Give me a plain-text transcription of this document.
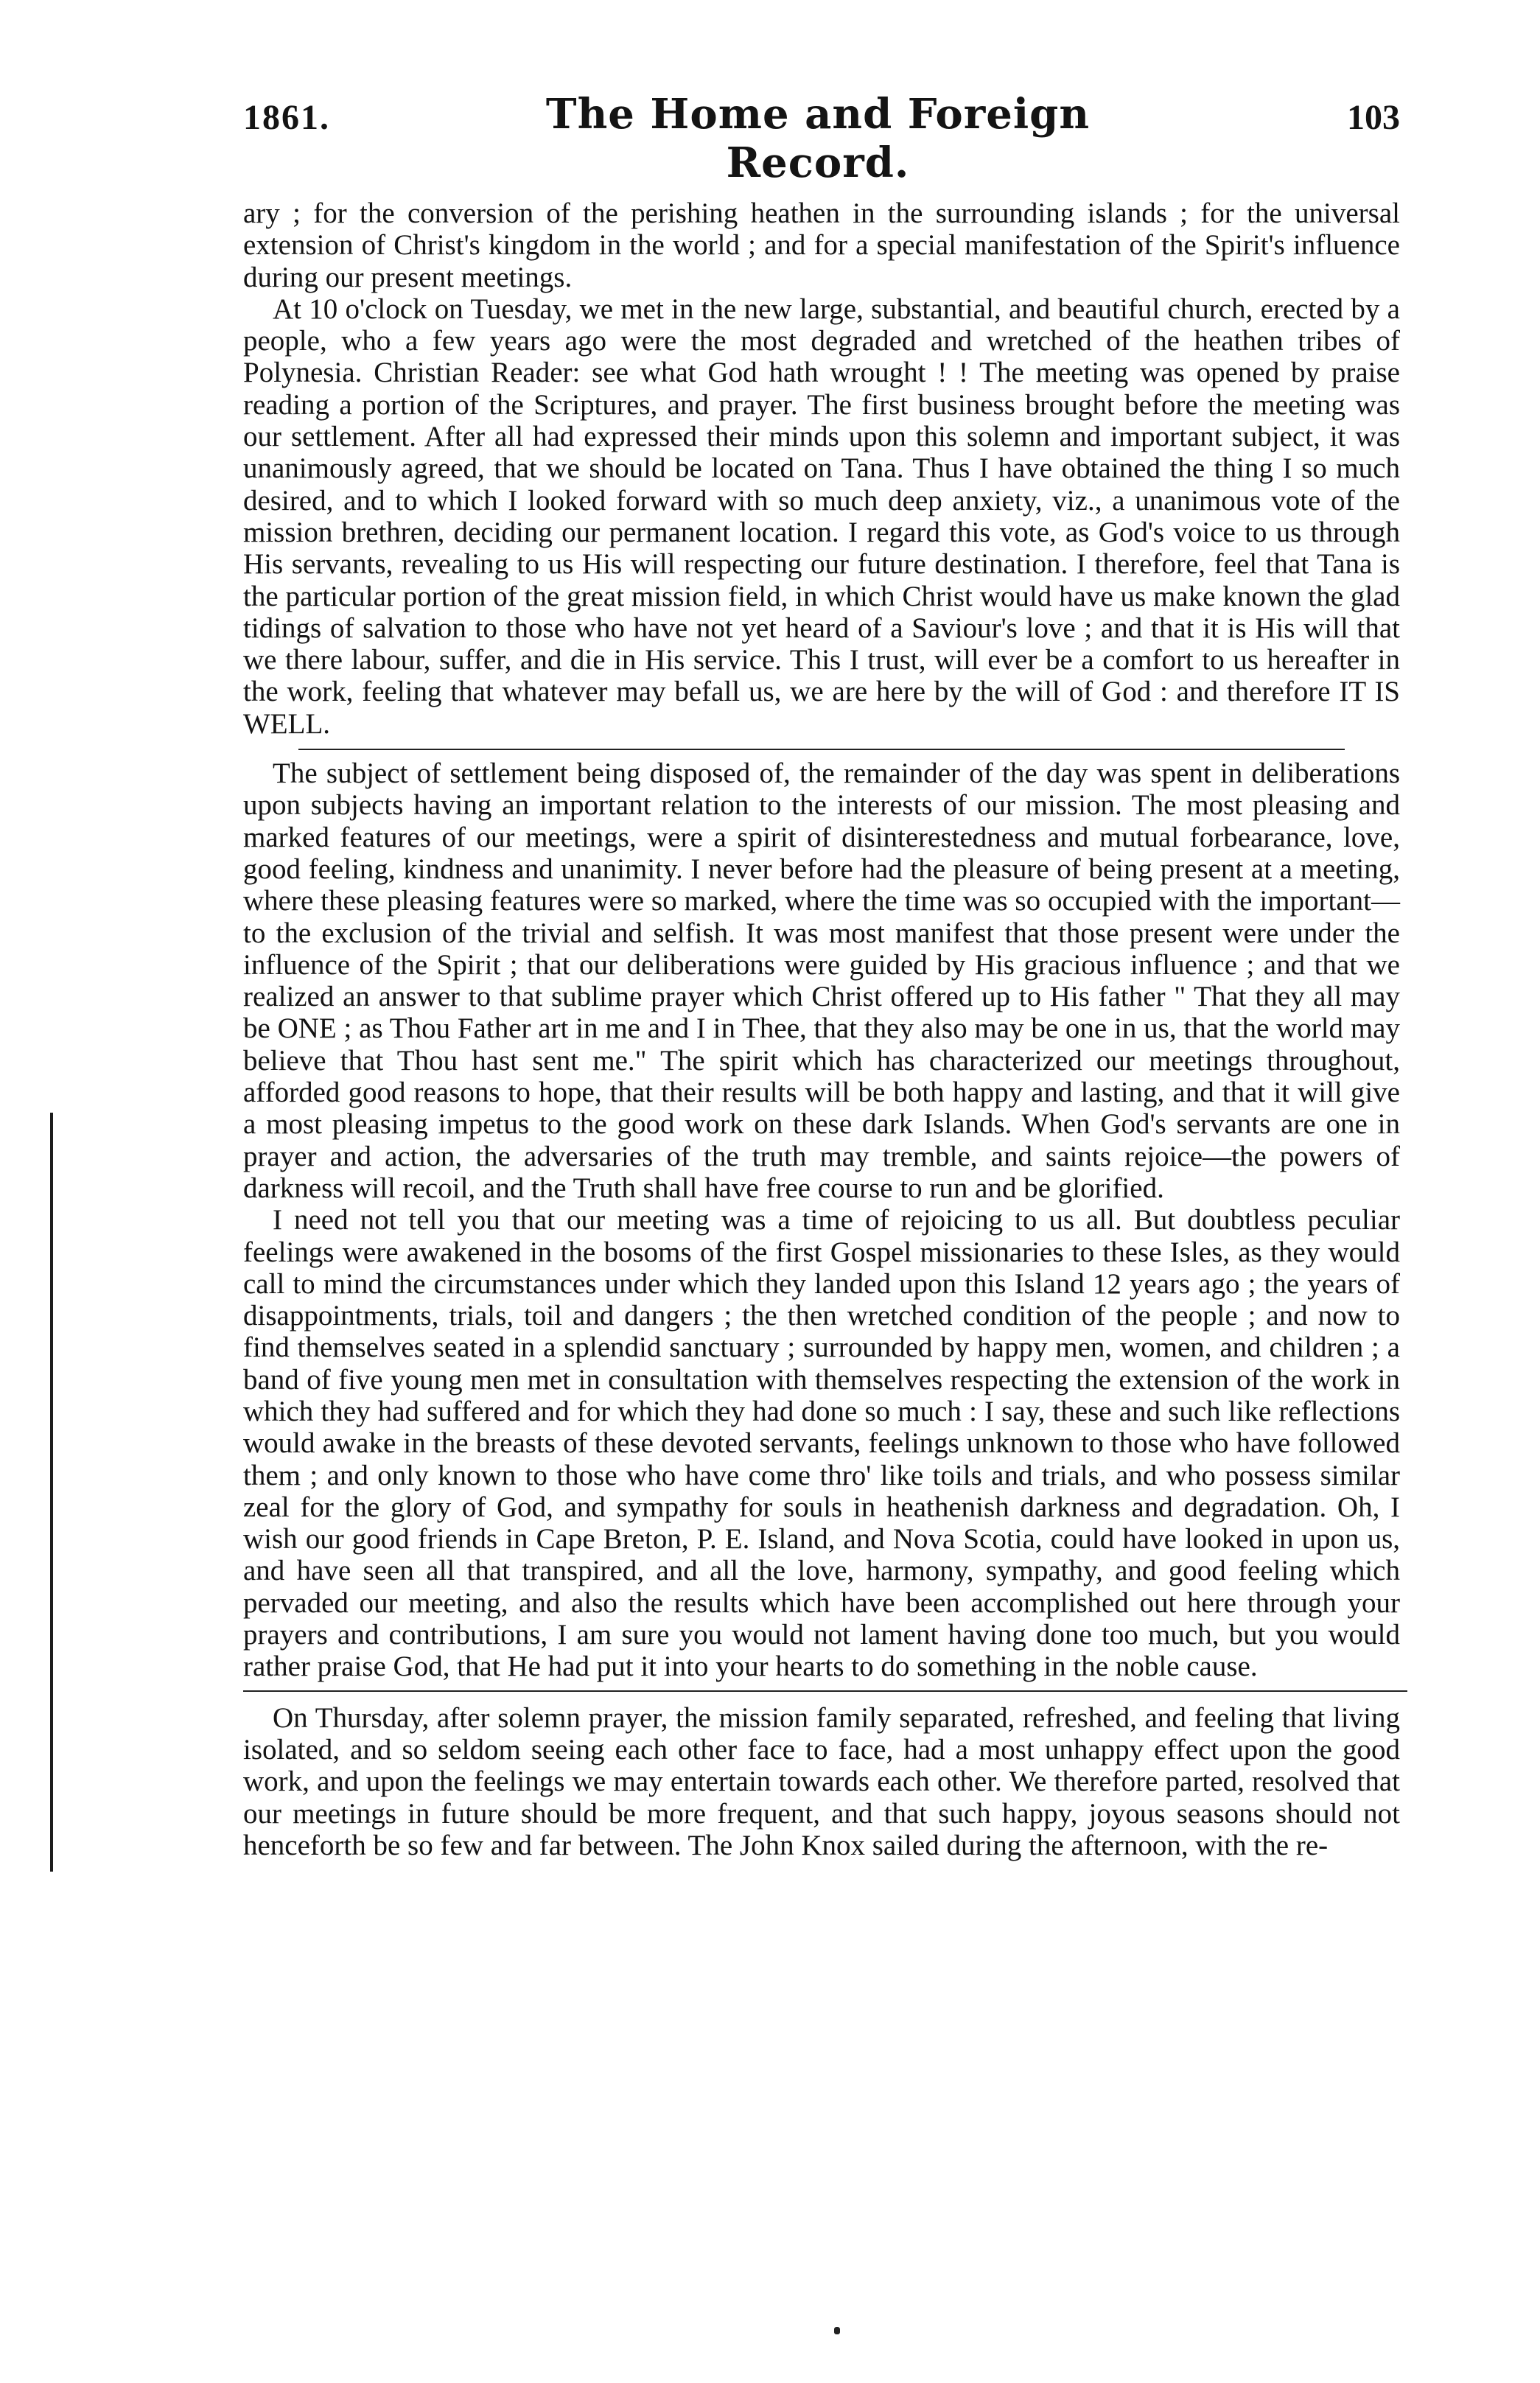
1861.	The Home and Foreign Record.
103

ary ; for the conversion of the perishing heathen in the surrounding islands ; for the universal extension of Christ's kingdom in the world ; and for a special manifestation of the Spirit's influence during our present meetings.

At 10 o'clock on Tuesday, we met in the new large, substantial, and beautiful church, erected by a people, who a few years ago were the most degraded and wretched of the heathen tribes of Polynesia. Christian Reader: see what God hath wrought ! ! The meeting was opened by praise reading a portion of the Scriptures, and prayer. The first business brought before the meeting was our settlement. After all had expressed their minds upon this solemn and important subject, it was unanimously agreed, that we should be located on Tana. Thus I have obtained the thing I so much desired, and to which I looked forward with so much deep anxiety, viz., a unanimous vote of the mission brethren, deciding our permanent location. I regard this vote, as God's voice to us through His servants, revealing to us His will respecting our future destination. I therefore, feel that Tana is the particular portion of the great mission field, in which Christ would have us make known the glad tidings of salvation to those who have not yet heard of a Saviour's love ; and that it is His will that we there labour, suffer, and die in His service. This I trust, will ever be a comfort to us hereafter in the work, feeling that whatever may befall us, we are here by the will of God : and therefore IT IS WELL.

The subject of settlement being disposed of, the remainder of the day was spent in deliberations upon subjects having an important relation to the interests of our mission. The most pleasing and marked features of our meetings, were a spirit of disinterestedness and mutual forbearance, love, good feeling, kindness and unanimity. I never before had the pleasure of being present at a meeting, where these pleasing features were so marked, where the time was so occupied with the important—to the exclusion of the trivial and selfish. It was most manifest that those present were under the influence of the Spirit ; that our deliberations were guided by His gracious influence ; and that we realized an answer to that sublime prayer which Christ offered up to His father " That they all may be ONE ; as Thou Father art in me and I in Thee, that they also may be one in us, that the world may believe that Thou hast sent me." The spirit which has characterized our meetings throughout, afforded good reasons to hope, that their results will be both happy and lasting, and that it will give a most pleasing impetus to the good work on these dark Islands. When God's servants are one in prayer and action, the adversaries of the truth may tremble, and saints rejoice—the powers of darkness will recoil, and the Truth shall have free course to run and be glorified.

I need not tell you that our meeting was a time of rejoicing to us all. But doubtless peculiar feelings were awakened in the bosoms of the first Gospel missionaries to these Isles, as they would call to mind the circumstances under which they landed upon this Island 12 years ago ; the years of disappointments, trials, toil and dangers ; the then wretched condition of the people ; and now to find themselves seated in a splendid sanctuary ; surrounded by happy men, women, and children ; a band of five young men met in consultation with themselves respecting the extension of the work in which they had suffered and for which they had done so much : I say, these and such like reflections would awake in the breasts of these devoted servants, feelings unknown to those who have followed them ; and only known to those who have come thro' like toils and trials, and who possess similar zeal for the glory of God, and sympathy for souls in heathenish darkness and degradation. Oh, I wish our good friends in Cape Breton, P. E. Island, and Nova Scotia, could have looked in upon us, and have seen all that transpired, and all the love, harmony, sympathy, and good feeling which pervaded our meeting, and also the results which have been accomplished out here through your prayers and contributions, I am sure you would not lament having done too much, but you would rather praise God, that He had put it into your hearts to do something in the noble cause.

On Thursday, after solemn prayer, the mission family separated, refreshed, and feeling that living isolated, and so seldom seeing each other face to face, had a most unhappy effect upon the good work, and upon the feelings we may entertain towards each other. We therefore parted, resolved that our meetings in future should be more frequent, and that such happy, joyous seasons should not henceforth be so few and far between. The John Knox sailed during the afternoon, with the re-
